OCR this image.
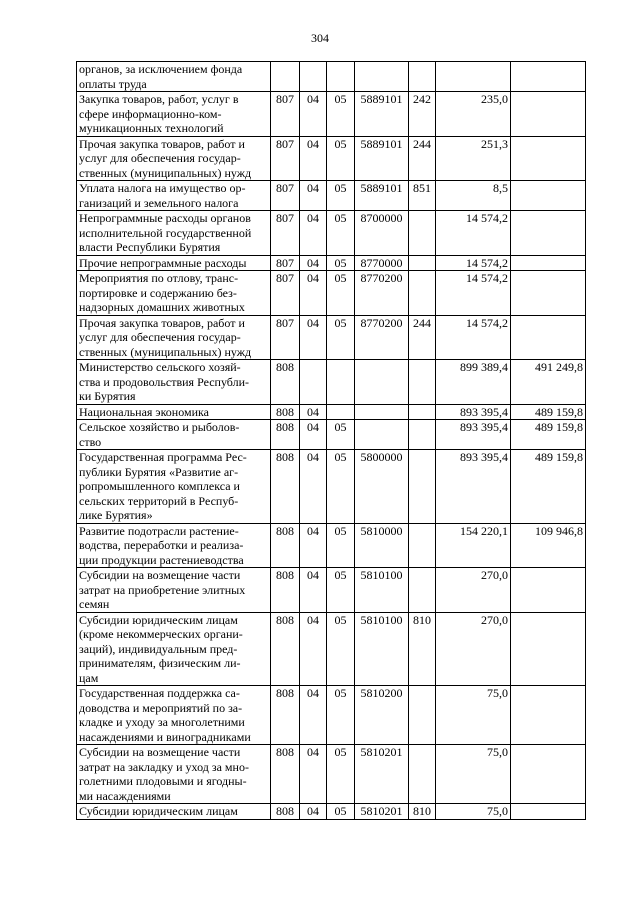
304
органов, за исключением фонда
оплаты труда							

Закупка товаров, работ, услуг в
сфере информационно-ком-
муникационных технологий	807	04	05	5889101	242	235,0	

Прочая закупка товаров, работ и
услуг для обеспечения государ-
ственных (муниципальных) нужд	807	04	05	5889101	244	251,3	

Уплата налога на имущество ор-
ганизаций и земельного налога	807	04	05	5889101	851	8,5	

Непрограммные расходы органов
исполнительной государственной
власти Республики Бурятия	807	04	05	8700000		14 574,2	

Прочие непрограммные расходы	807	04	05	8770000		14 574,2	

Мероприятия по отлову, транс-
портировке и содержанию без-
надзорных домашних животных	807	04	05	8770200		14 574,2	

Прочая закупка товаров, работ и
услуг для обеспечения государ-
ственных (муниципальных) нужд	807	04	05	8770200	244	14 574,2	

Министерство сельского хозяй-
ства и продовольствия Республи-
ки Бурятия	808					899 389,4	491 249,8

Национальная экономика	808	04				893 395,4	489 159,8

Сельское хозяйство и рыболов-
ство	808	04	05			893 395,4	489 159,8

Государственная программа Рес-
публики Бурятия «Развитие аг-
ропромышленного комплекса и
сельских территорий в Респуб-
лике Бурятия»	808	04	05	5800000		893 395,4	489 159,8

Развитие подотрасли растение-
водства, переработки и реализа-
ции продукции растениеводства	808	04	05	5810000		154 220,1	109 946,8

Субсидии на возмещение части
затрат на приобретение элитных
семян	808	04	05	5810100		270,0	

Субсидии юридическим лицам
(кроме некоммерческих органи-
заций), индивидуальным пред-
принимателям, физическим ли-
цам	808	04	05	5810100	810	270,0	

Государственная поддержка са-
доводства и мероприятий по за-
кладке и уходу за многолетними
насаждениями и виноградниками	808	04	05	5810200		75,0	

Субсидии на возмещение части
затрат на закладку и уход за мно-
голетними плодовыми и ягодны-
ми насаждениями	808	04	05	5810201		75,0	

Субсидии юридическим лицам	808	04	05	5810201	810	75,0	
